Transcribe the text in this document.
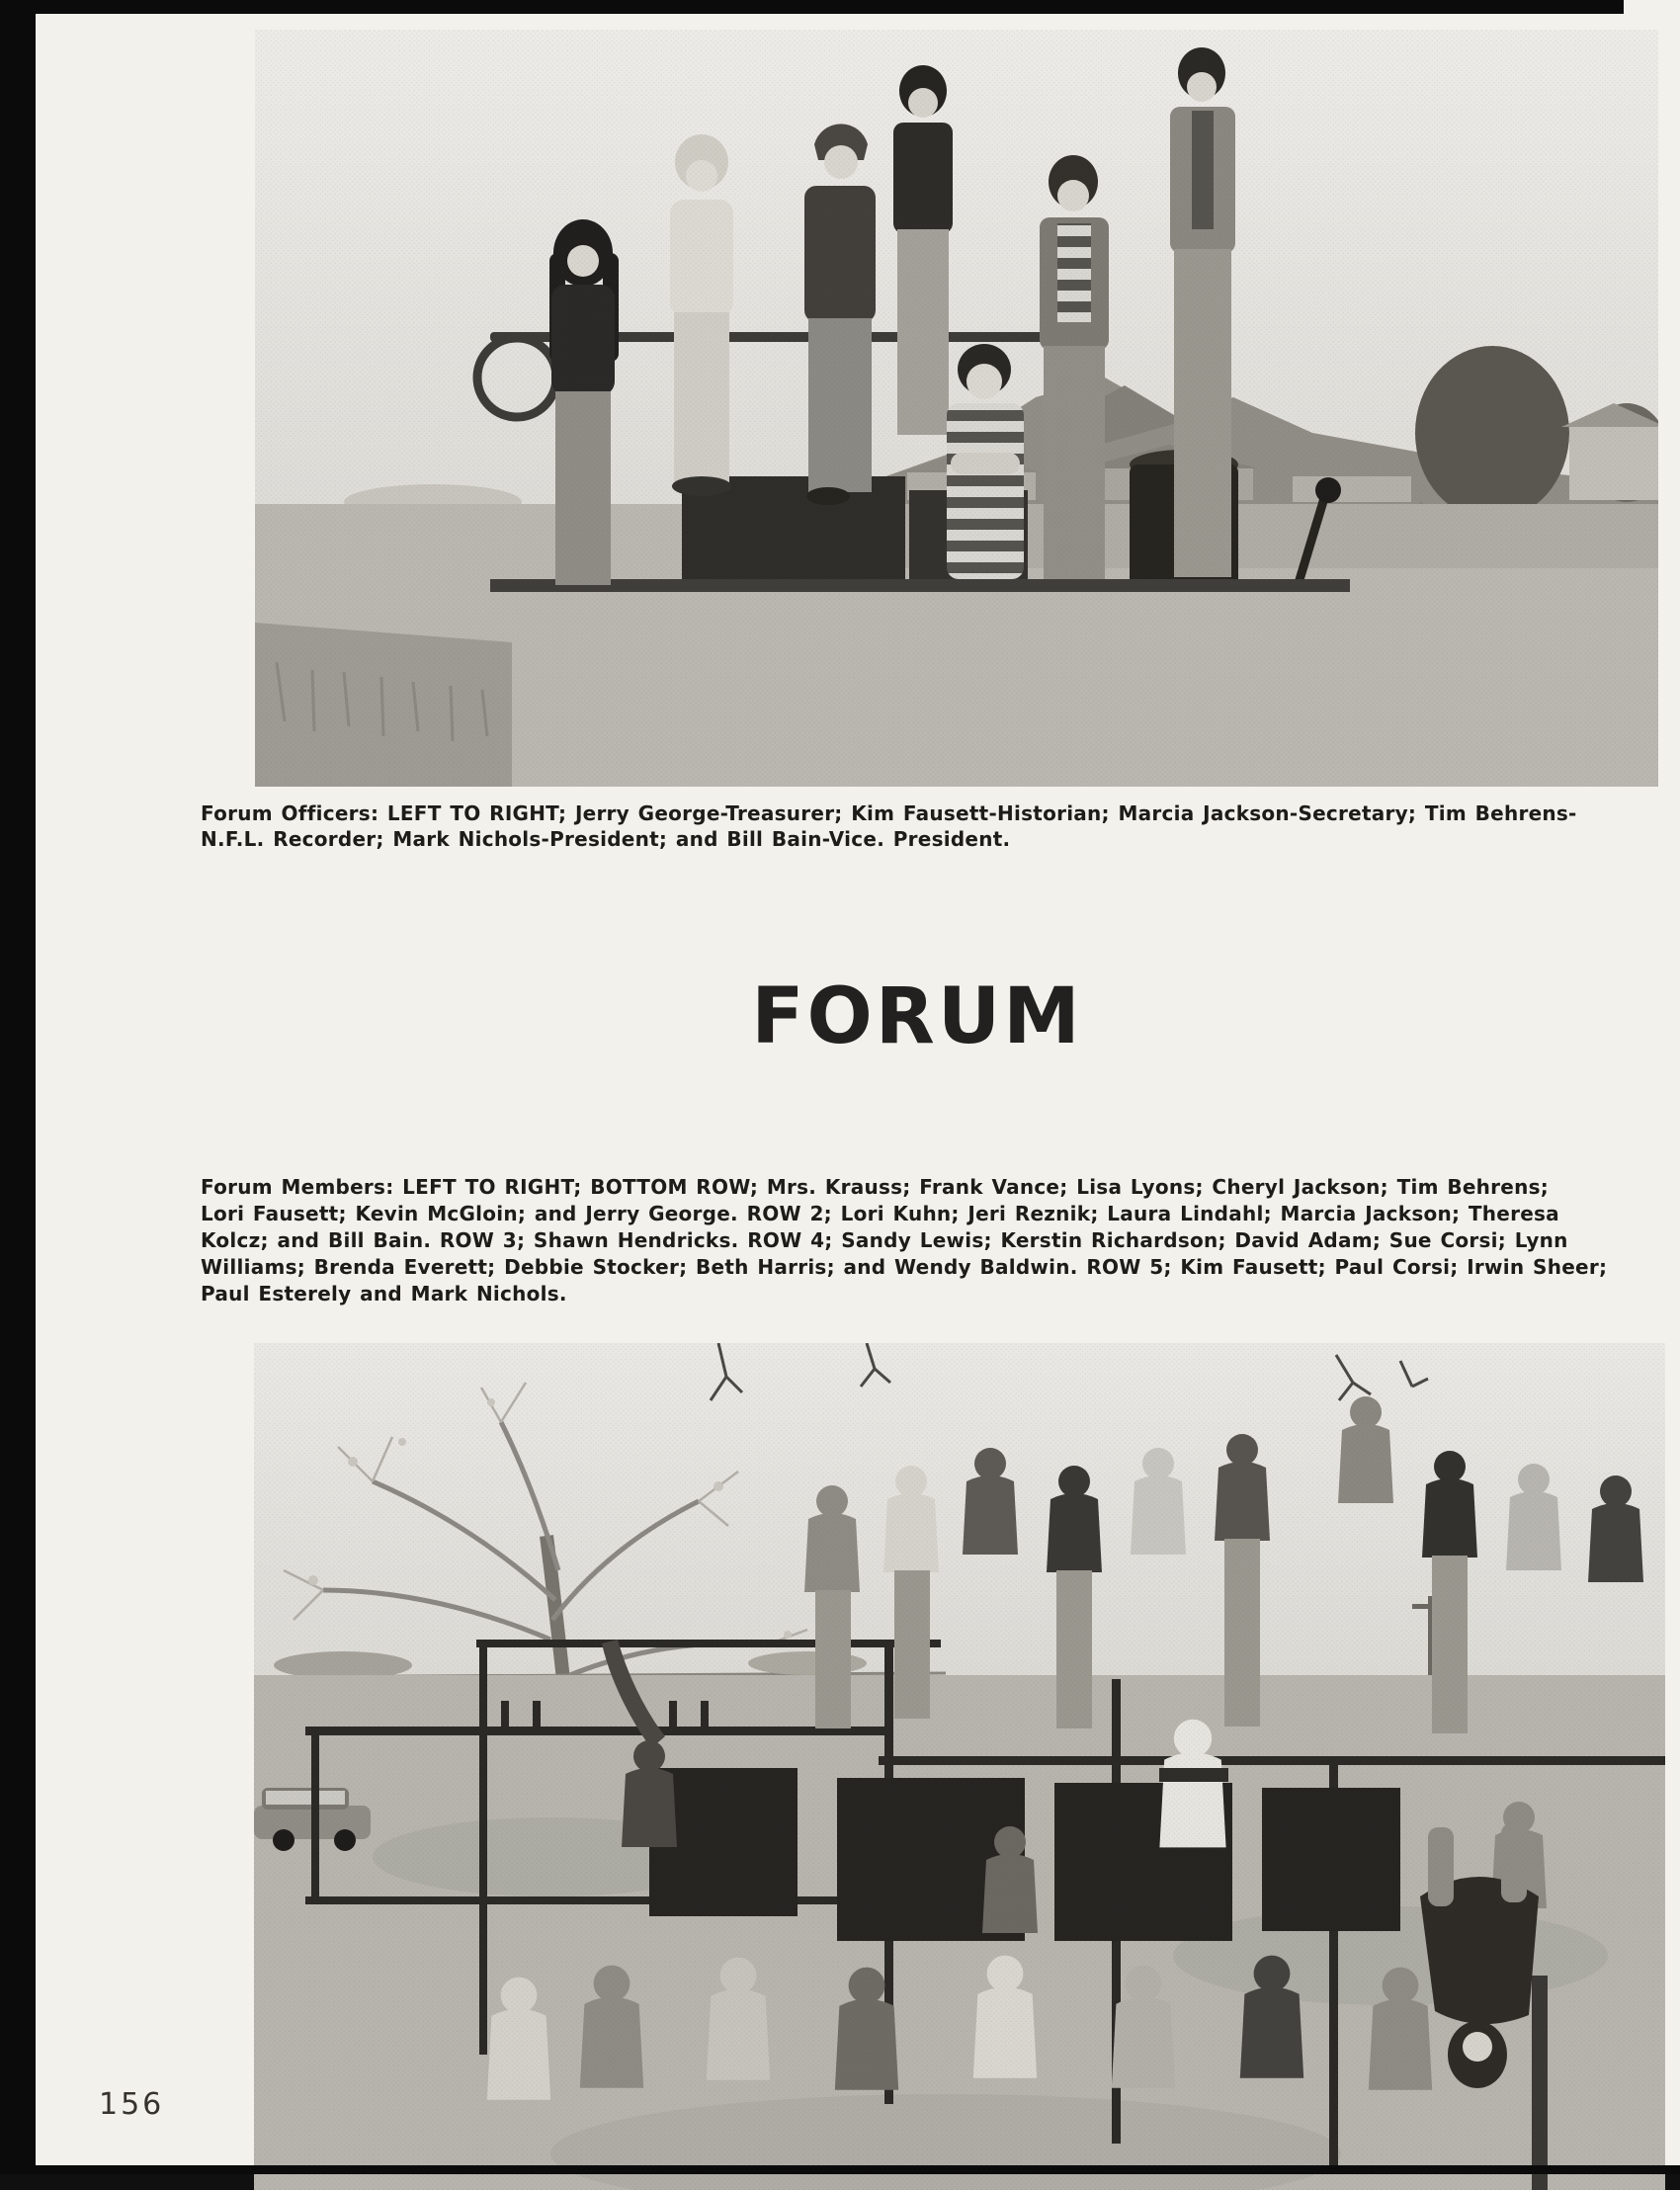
Forum Officers: LEFT TO RIGHT; Jerry George-Treasurer; Kim Fausett-Historian; Marcia Jackson-Secretary; Tim Behrens-
N.F.L. Recorder; Mark Nichols-President; and Bill Bain-Vice. President.
FORUM
Forum Members: LEFT TO RIGHT; BOTTOM ROW; Mrs. Krauss; Frank Vance; Lisa Lyons; Cheryl Jackson; Tim Behrens;
Lori Fausett; Kevin McGloin; and Jerry George. ROW 2; Lori Kuhn; Jeri Reznik; Laura Lindahl; Marcia Jackson; Theresa
Kolcz; and Bill Bain. ROW 3; Shawn Hendricks. ROW 4; Sandy Lewis; Kerstin Richardson; David Adam; Sue Corsi; Lynn
Williams; Brenda Everett; Debbie Stocker; Beth Harris; and Wendy Baldwin. ROW 5; Kim Fausett; Paul Corsi; Irwin Sheer;
Paul Esterely and Mark Nichols.
156
